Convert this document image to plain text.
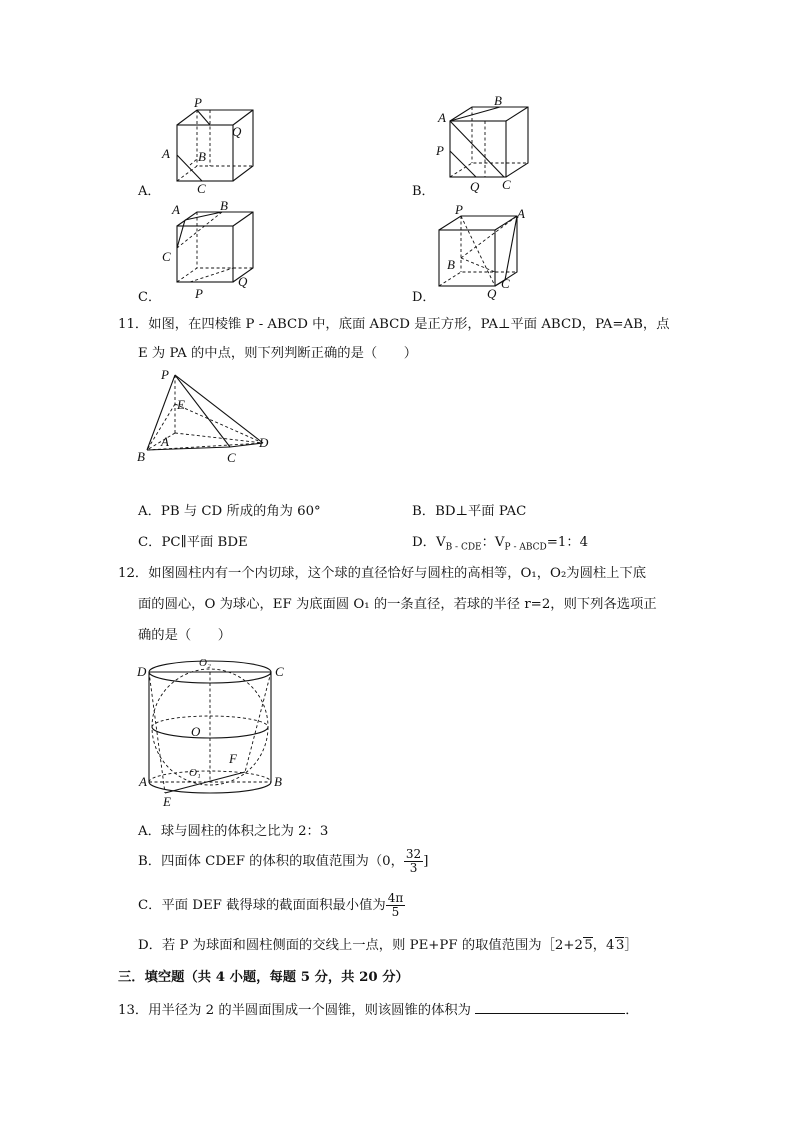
P
Q
A B
C
A．
A
B
P
Q C
B．
A	B
C
P
Q
C．
P	A
B
Q
C
D．
11．如图，在四棱锥 P - ABCD 中，底面 ABCD 是正方形，PA⊥平面 ABCD，PA=AB，点
E 为 PA 的中点，则下列判断正确的是（　　）
P
E
A
B	C
D
A．PB 与 CD 所成的角为 60°	B．BD⊥平面 PAC
C．PC∥平面 BDE	D．$V_{B - CDE}$：$V_{P - ABCD}=1$：4
12．如图圆柱内有一个内切球，这个球的直径恰好与圆柱的高相等，O₁，O₂为圆柱上下底
面的圆心，O 为球心，EF 为底面圆 O₁ 的一条直径，若球的半径 r=2，则下列各选项正
确的是（　　）
D	C
O₂
O
F
O₁
A	B
E
A．球与圆柱的体积之比为 2：3
B．四面体 CDEF 的体积的取值范围为（0， $\frac{32}{3}$ ]
C．平面 DEF 截得球的截面面积最小值为 $\frac{4\pi}{5}$
D．若 P 为球面和圆柱侧面的交线上一点，则 PE+PF 的取值范围为［2+2 5，4 3］
三．填空题（共 4 小题，每题 5 分，共 20 分）
13．用半径为 2 的半圆面围成一个圆锥，则该圆锥的体积为	．
